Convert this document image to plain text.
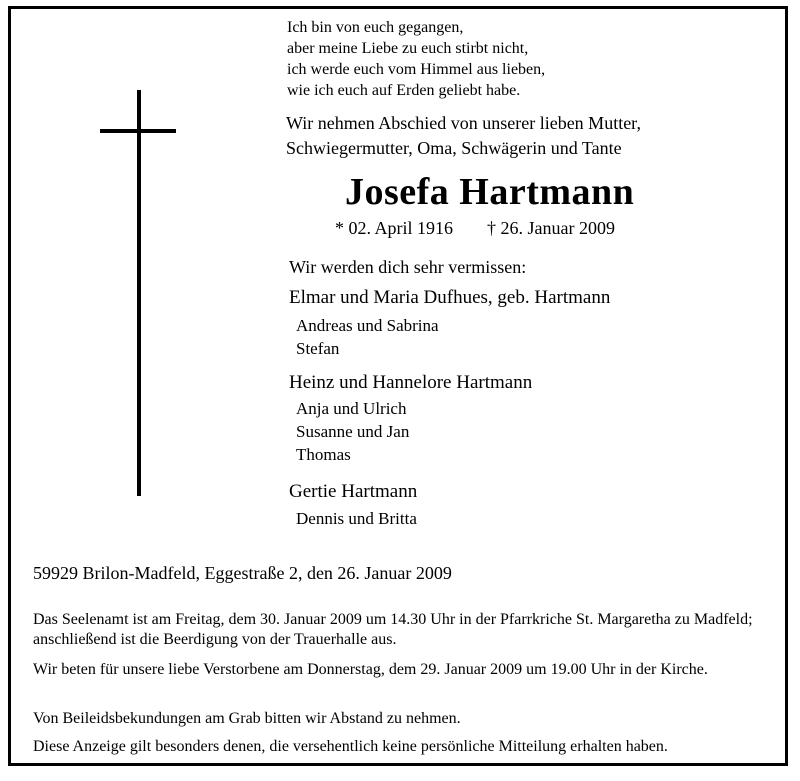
Ich bin von euch gegangen,
aber meine Liebe zu euch stirbt nicht,
ich werde euch vom Himmel aus lieben,
wie ich euch auf Erden geliebt habe.
Wir nehmen Abschied von unserer lieben Mutter,
Schwiegermutter, Oma, Schwägerin und Tante
Josefa Hartmann
* 02. April 1916 † 26. Januar 2009
Wir werden dich sehr vermissen:
Elmar und Maria Dufhues, geb. Hartmann
Andreas und Sabrina
Stefan
Heinz und Hannelore Hartmann
Anja und Ulrich
Susanne und Jan
Thomas
Gertie Hartmann
Dennis und Britta
59929 Brilon-Madfeld, Eggestraße 2, den 26. Januar 2009
Das Seelenamt ist am Freitag, dem 30. Januar 2009 um 14.30 Uhr in der Pfarrkriche St. Margaretha zu Madfeld; anschließend ist die Beerdigung von der Trauerhalle aus.
Wir beten für unsere liebe Verstorbene am Donnerstag, dem 29. Januar 2009 um 19.00 Uhr in der Kirche.
Von Beileidsbekundungen am Grab bitten wir Abstand zu nehmen.
Diese Anzeige gilt besonders denen, die versehentlich keine persönliche Mitteilung erhalten haben.
